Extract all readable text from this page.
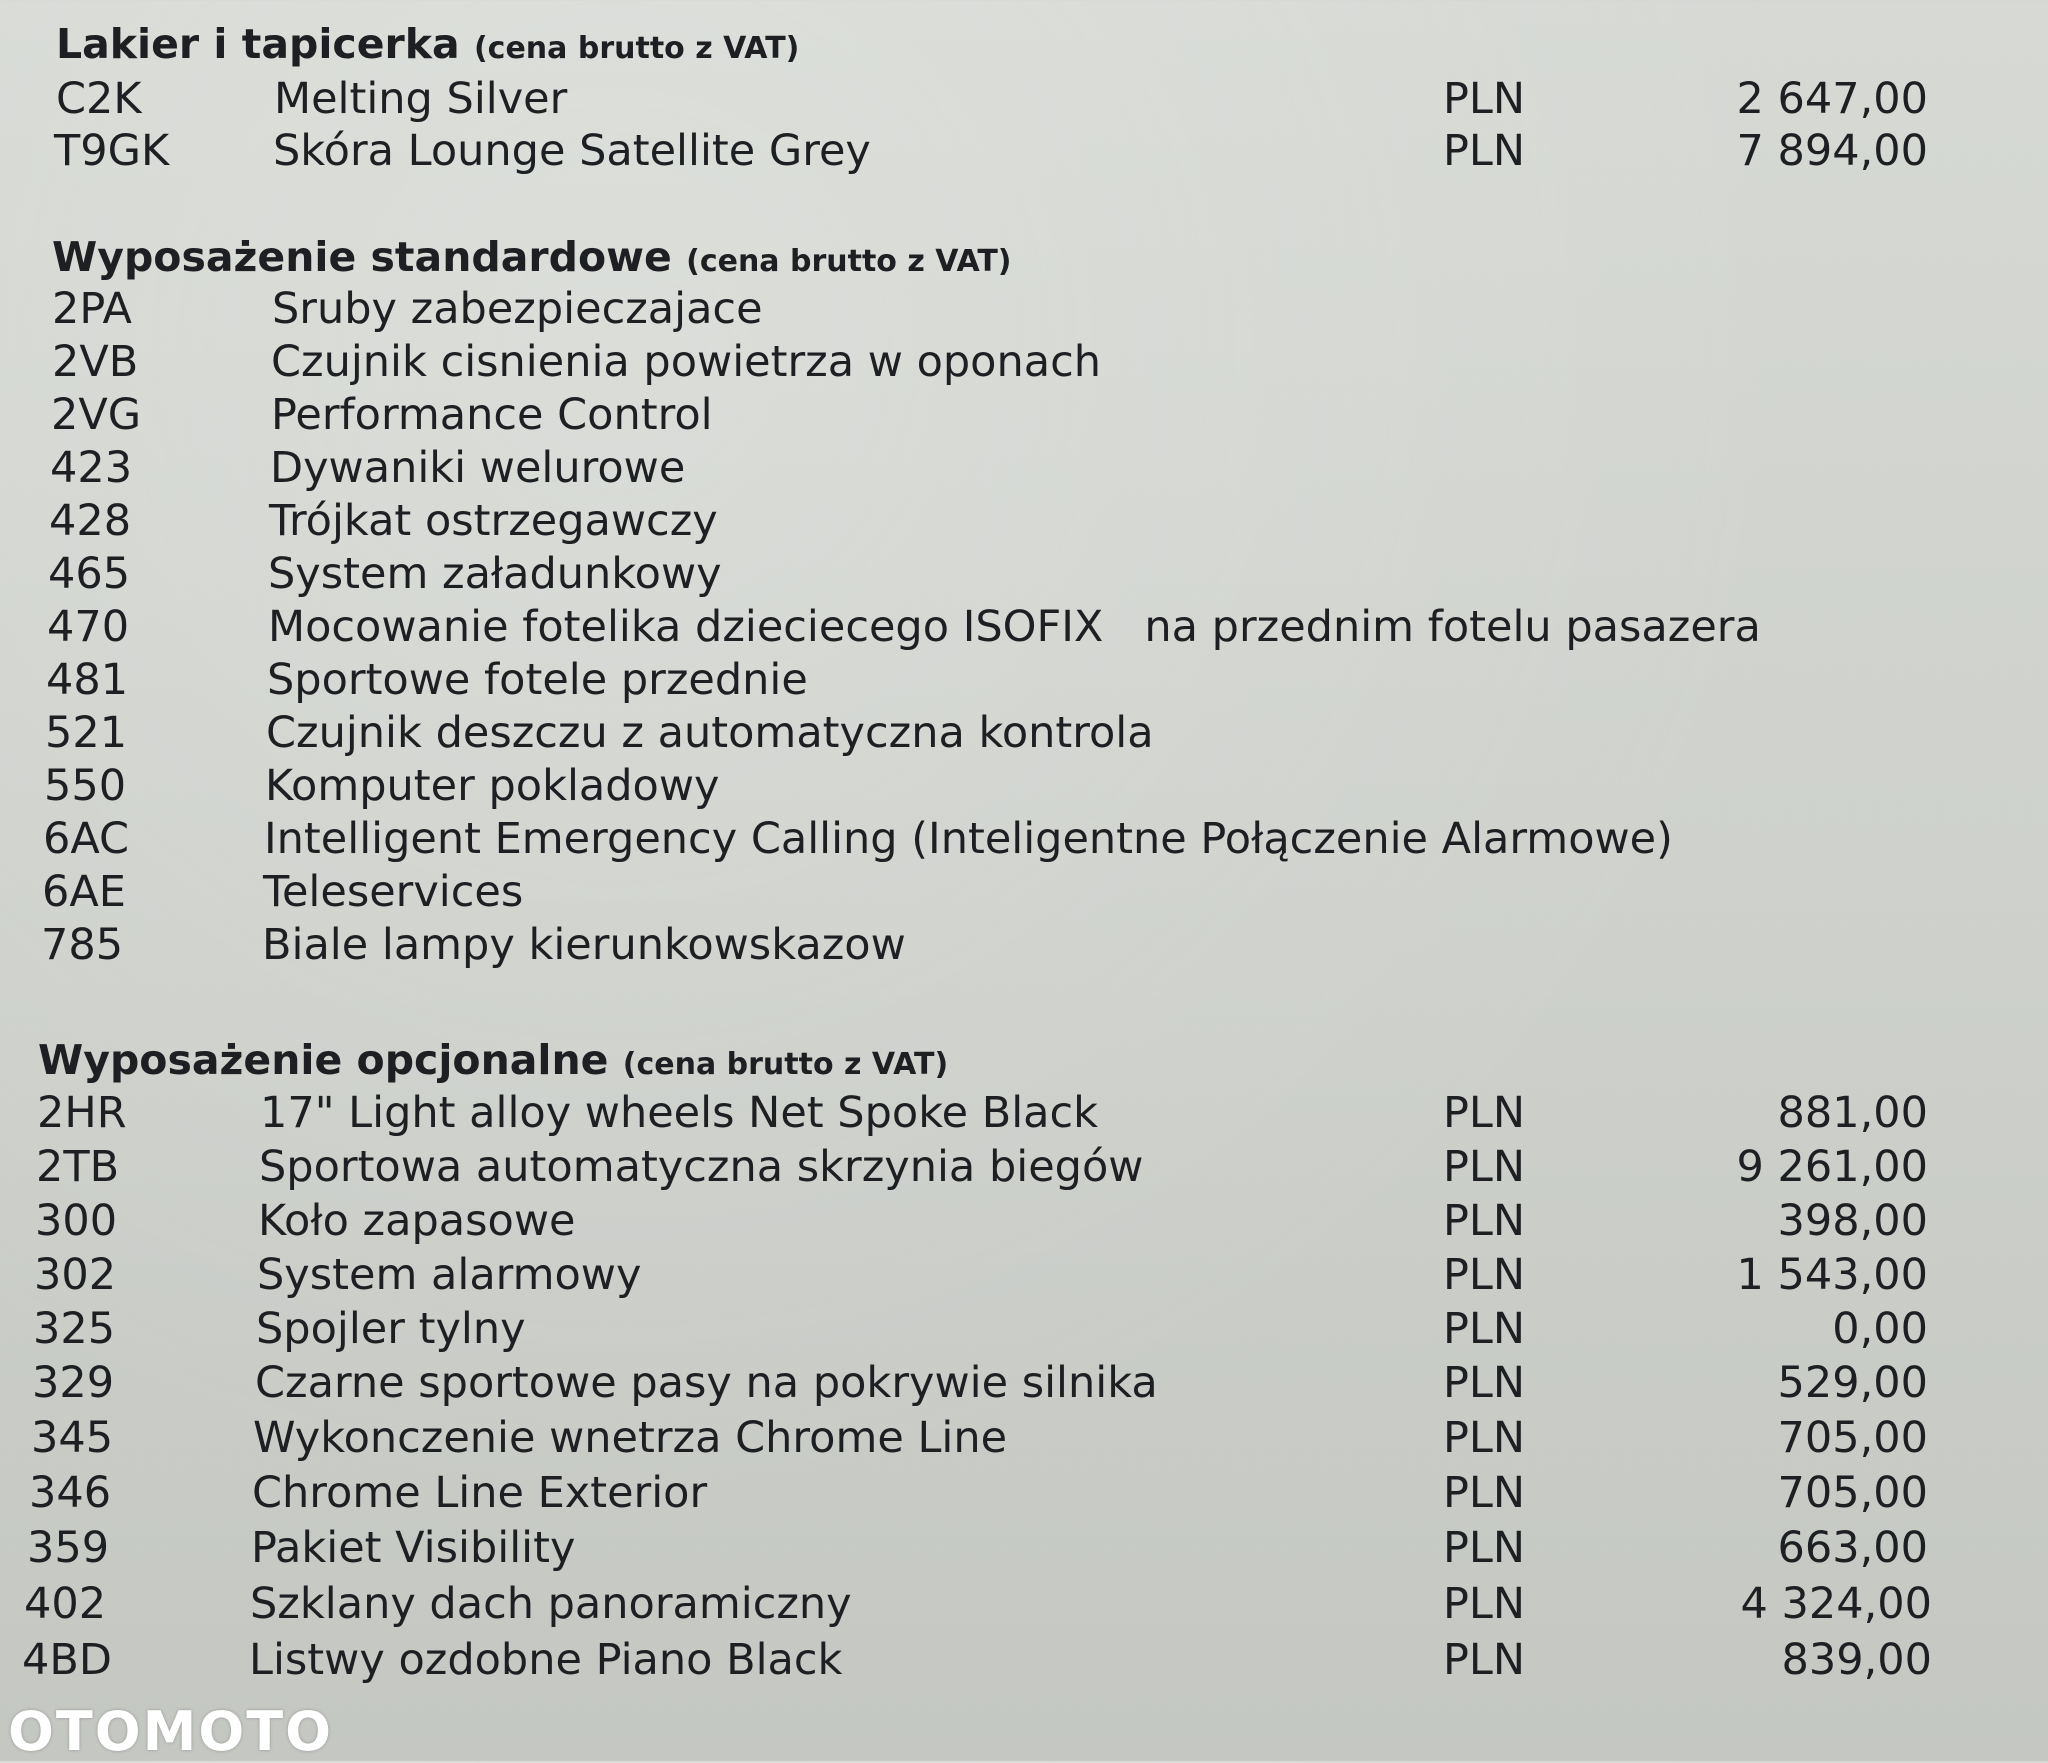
Lakier i tapicerka (cena brutto z VAT)
C2K	Melting Silver	PLN	2 647,00
T9GK Skóra Lounge Satellite Grey	PLN	7 894,00
Wyposażenie standardowe (cena brutto z VAT)
2PA	Sruby zabezpieczajace
2VB	Czujnik cisnienia powietrza w oponach
2VG	Performance Control
423	Dywaniki welurowe
428	Trójkat ostrzegawczy
465	System załadunkowy
470	Mocowanie fotelika dzieciecego ISOFIX   na przednim fotelu pasazera
481	Sportowe fotele przednie
521	Czujnik deszczu z automatyczna kontrola
550	Komputer pokladowy
6AC	Intelligent Emergency Calling (Inteligentne Połączenie Alarmowe)
6AE	Teleservices
785	Biale lampy kierunkowskazow
Wyposażenie opcjonalne (cena brutto z VAT)
2HR	17" Light alloy wheels Net Spoke Black	PLN	881,00
2TB	Sportowa automatyczna skrzynia biegów	PLN	9 261,00
300	Koło zapasowe	PLN	398,00
302	System alarmowy	PLN	1 543,00
325	Spojler tylny	PLN	0,00
329	Czarne sportowe pasy na pokrywie silnika	PLN	529,00
345	Wykonczenie wnetrza Chrome Line	PLN	705,00
346	Chrome Line Exterior	PLN	705,00
359	Pakiet Visibility	PLN	663,00
402	Szklany dach panoramiczny	PLN	4 324,00
4BD	Listwy ozdobne Piano Black	PLN	839,00
OTOMOTO
